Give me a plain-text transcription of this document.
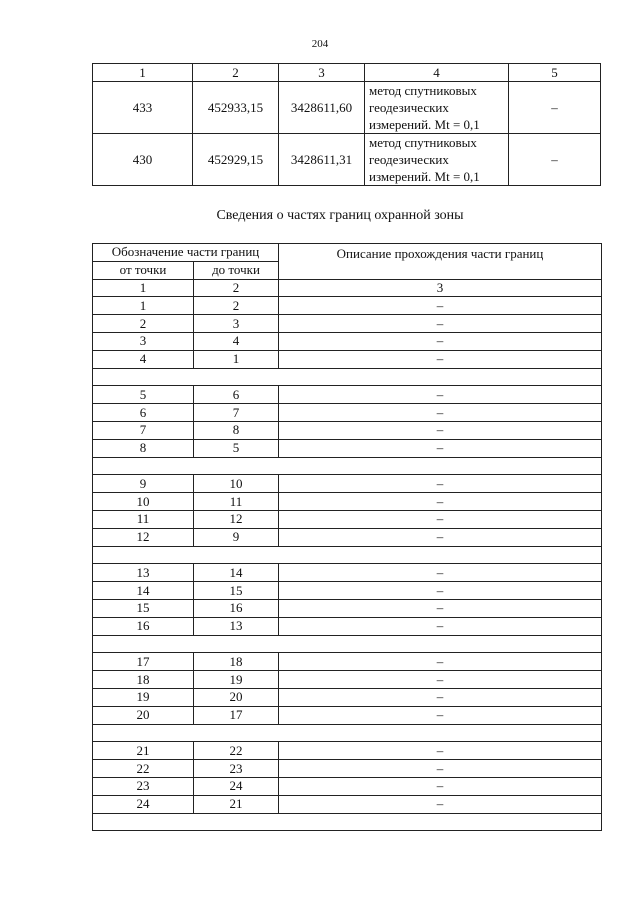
204
1	2	3	4	5
433	452933,15	3428611,60	метод спутниковых
геодезических
измерений. Mt = 0,1	–
430	452929,15	3428611,31	метод спутниковых
геодезических
измерений. Mt = 0,1	–
Сведения о частях границ охранной зоны
Обозначение части границ		Описание прохождения части границ
от точки	до точки	
1	2	3
1	2	–
2	3	–
3	4	–
4	1	–

5	6	–
6	7	–
7	8	–
8	5	–

9	10	–
10	11	–
11	12	–
12	9	–

13	14	–
14	15	–
15	16	–
16	13	–

17	18	–
18	19	–
19	20	–
20	17	–

21	22	–
22	23	–
23	24	–
24	21	–
